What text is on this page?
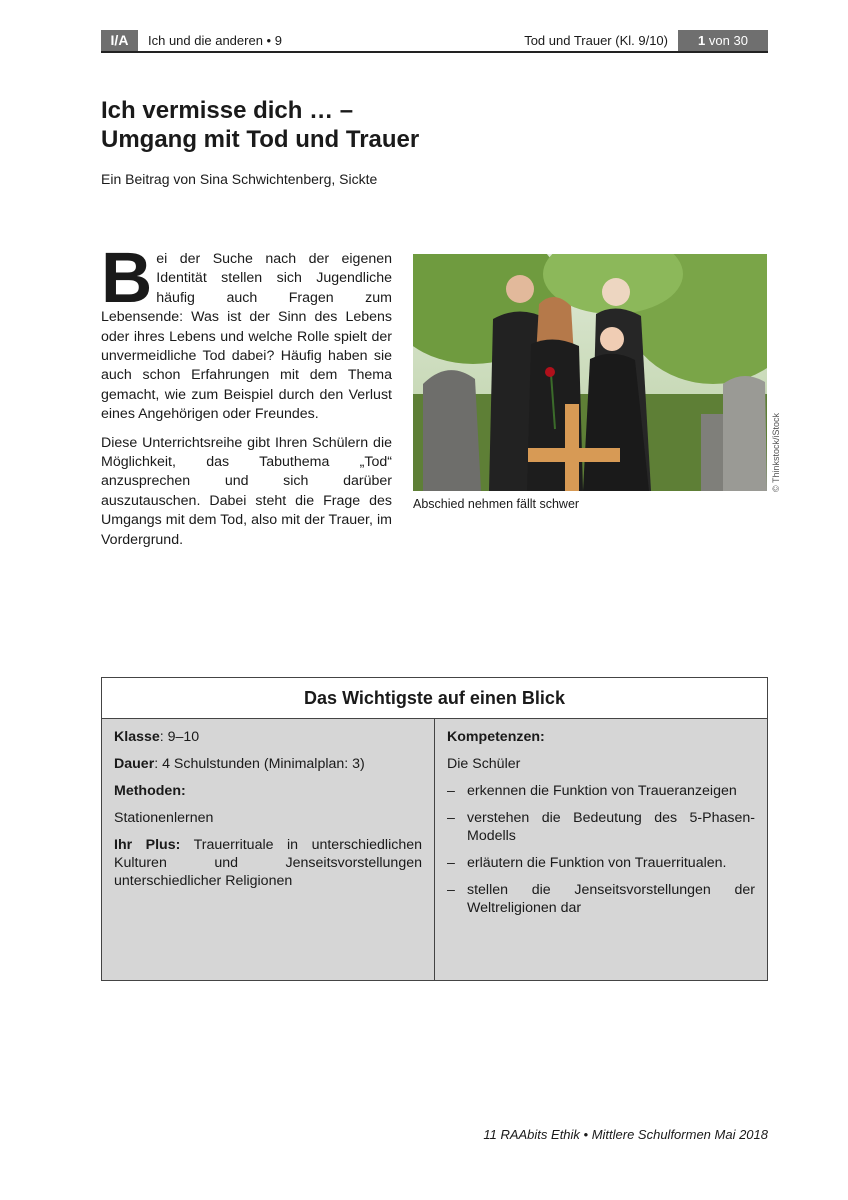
I/A	Ich und die anderen • 9	Tod und Trauer (Kl. 9/10)	1 von 30
Ich vermisse dich … –
Umgang mit Tod und Trauer
Ein Beitrag von Sina Schwichtenberg, Sickte

Bei der Suche nach der eigenen Identität stellen sich Jugendliche häufig auch Fragen zum Lebensende: Was ist der Sinn des Lebens oder ihres Lebens und welche Rolle spielt der unvermeidliche Tod dabei? Häufig haben sie auch schon Erfahrungen mit dem Thema gemacht, wie zum Beispiel durch den Verlust eines Angehörigen oder Freundes.

Diese Unterrichtsreihe gibt Ihren Schülern die Möglichkeit, das Tabuthema „Tod“ anzusprechen und sich darüber auszutauschen. Dabei steht die Frage des Umgangs mit dem Tod, also mit der Trauer, im Vordergrund.

Abschied nehmen fällt schwer
© Thinkstock/iStock
Das Wichtigste auf einen Blick

Klasse: 9–10

Dauer: 4 Schulstunden (Minimalplan: 3)

Methoden:

Stationenlernen

Ihr Plus: Trauerrituale in unterschiedlichen Kulturen und Jenseitsvorstellungen unterschiedlicher Religionen

Kompetenzen:

Die Schüler

– erkennen die Funktion von Traueranzeigen
– verstehen die Bedeutung des 5-Phasen-Modells
– erläutern die Funktion von Trauerritualen.
– stellen die Jenseitsvorstellungen der Weltreligionen dar
11 RAAbits Ethik • Mittlere Schulformen Mai 2018
